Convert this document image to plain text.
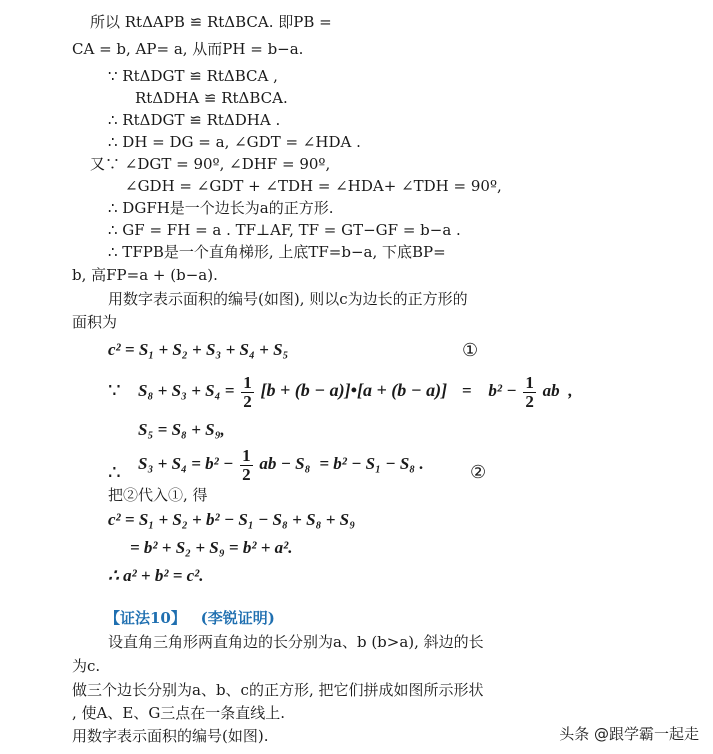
所以 RtΔAPB ≌ RtΔBCA. 即PB =
CA = b, AP= a, 从而PH = b−a.
∵ RtΔDGT ≌ RtΔBCA ,
RtΔDHA ≌ RtΔBCA.
∴ RtΔDGT ≌ RtΔDHA .
∴ DH = DG = a, ∠GDT = ∠HDA .
又∵ ∠DGT = 90º, ∠DHF = 90º,
∠GDH = ∠GDT + ∠TDH = ∠HDA+ ∠TDH = 90º,
∴ DGFH是一个边长为a的正方形.
∴ GF = FH = a . TF⊥AF, TF = GT−GF = b−a .
∴ TFPB是一个直角梯形, 上底TF=b−a, 下底BP=
b, 高FP=a + (b−a).
用数字表示面积的编号(如图), 则以c为边长的正方形的
面积为
c² = S₁ + S₂ + S₃ + S₄ + S₅	①
∵ $S_8 + S_3 + S_4 = \frac{1}{2} [b + (b$ − a)]•[a + $(b - a)] = b^2 - \frac{1}{2}$ ab ,
S₅ = S₈ + S₉,
∴ $S_3 + S_4 = b^2 - \frac{1}{2}$ ab − S₈ = b² − S₁ − S₈ .	②
把②代入①, 得
c² = S₁ + S₂ + b² − S₁ − S₈ + S₈ + S₉
= b² + S₂ + S₉ = b² + a².
∴ a² + b² = c².
【证法10】 (李锐证明)
设直角三角形两直角边的长分别为a、b (b>a), 斜边的长
为c.
做三个边长分别为a、b、c的正方形, 把它们拼成如图所示形状
, 使A、E、G三点在一条直线上.
用数字表示面积的编号(如图).	头条 @跟学霸一起走
